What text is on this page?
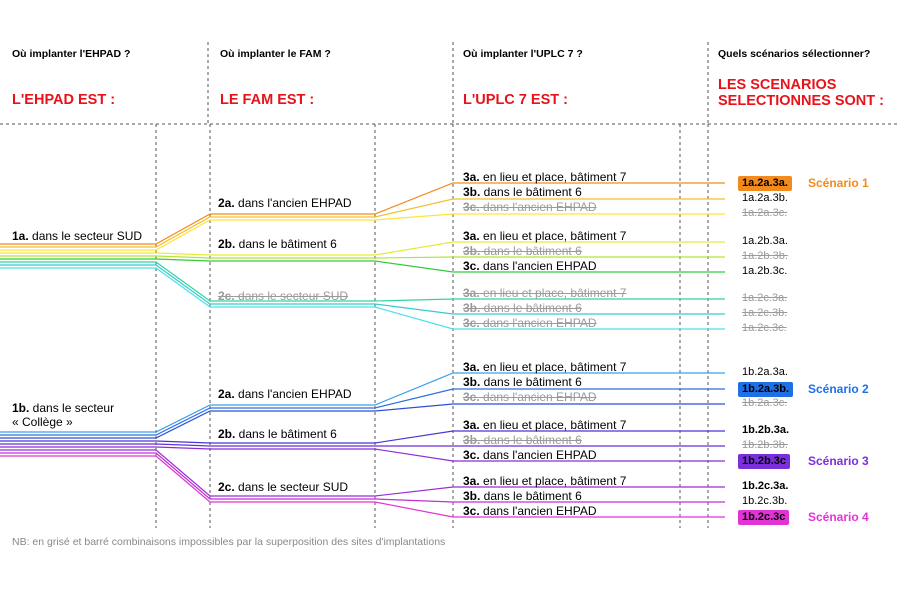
Où implanter l'EHPAD ?	Où implanter le FAM ?	Où implanter l'UPLC 7 ?	Quels scénarios sélectionner?
L'EHPAD EST :	LE FAM EST :	L'UPLC 7 EST :
LES SCENARIOS
SELECTIONNES SONT :
1a. dans le secteur SUD
1b. dans le secteur
« Collège »
2a. dans l'ancien EHPAD
2b. dans le bâtiment 6
2c. dans le secteur SUD
2a. dans l'ancien EHPAD
2b. dans le bâtiment 6
2c. dans le secteur SUD
3a. en lieu et place, bâtiment 7
3b. dans le bâtiment 6
3c. dans l'ancien EHPAD
3a. en lieu et place, bâtiment 7
3b. dans le bâtiment 6
3c. dans l'ancien EHPAD
3a. en lieu et place, bâtiment 7
3b. dans le bâtiment 6
3c. dans l'ancien EHPAD
3a. en lieu et place, bâtiment 7
3b. dans le bâtiment 6
3c. dans l'ancien EHPAD
3a. en lieu et place, bâtiment 7
3b. dans le bâtiment 6
3c. dans l'ancien EHPAD
3a. en lieu et place, bâtiment 7
3b. dans le bâtiment 6
3c. dans l'ancien EHPAD
1a.2a.3a.
1a.2a.3b.
1a.2a.3c.
1a.2b.3a.
1a.2b.3b.
1a.2b.3c.
1a.2c.3a.
1a.2c.3b.
1a.2c.3c.
1b.2a.3a.
1b.2a.3b.
1b.2a.3c.
1b.2b.3a.
1b.2b.3b.
1b.2b.3c
1b.2c.3a.
1b.2c.3b.
1b.2c.3c
Scénario 1
Scénario 2
Scénario 3
Scénario 4
NB: en grisé et barré combinaisons impossibles par la superposition des sites d'implantations
